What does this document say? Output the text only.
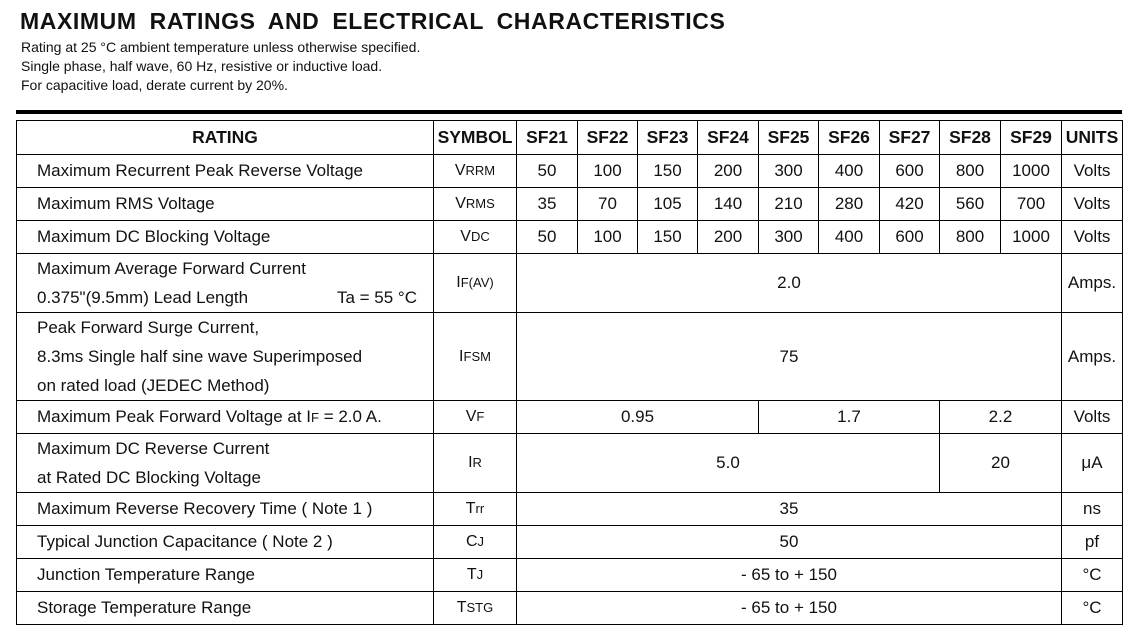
MAXIMUM RATINGS AND ELECTRICAL CHARACTERISTICS
Rating at 25 °C ambient temperature unless otherwise specified.
Single phase, half wave, 60 Hz, resistive or inductive load.
For capacitive load, derate current by 20%.
RATING	SYMBOL	SF21	SF22	SF23	SF24	SF25	SF26	SF27	SF28	SF29	UNITS
Maximum Recurrent Peak Reverse Voltage	VRRM	50	100	150	200	300	400	600	800	1000	Volts
Maximum RMS Voltage	VRMS	35	70	105	140	210	280	420	560	700	Volts
Maximum DC Blocking Voltage	VDC	50	100	150	200	300	400	600	800	1000	Volts

Maximum Average Forward Current
Ta = 55 °C
0.375"(9.5mm) Lead Length	IF(AV)	2.0									Amps.

Peak Forward Surge Current,
8.3ms Single half sine wave Superimposed
on rated load (JEDEC Method)	IFSM	75									Amps.
Maximum Peak Forward Voltage at IF = 2.0 A.	VF	0.95				1.7			2.2		Volts

Maximum DC Reverse Current
at Rated DC Blocking Voltage	IR	5.0							20		μA
Maximum Reverse Recovery Time ( Note 1 )	Trr	35									ns
Typical Junction Capacitance ( Note 2 )	CJ	50									pf
Junction Temperature Range	TJ	- 65 to + 150									°C
Storage Temperature Range	TSTG	- 65 to + 150									°C
